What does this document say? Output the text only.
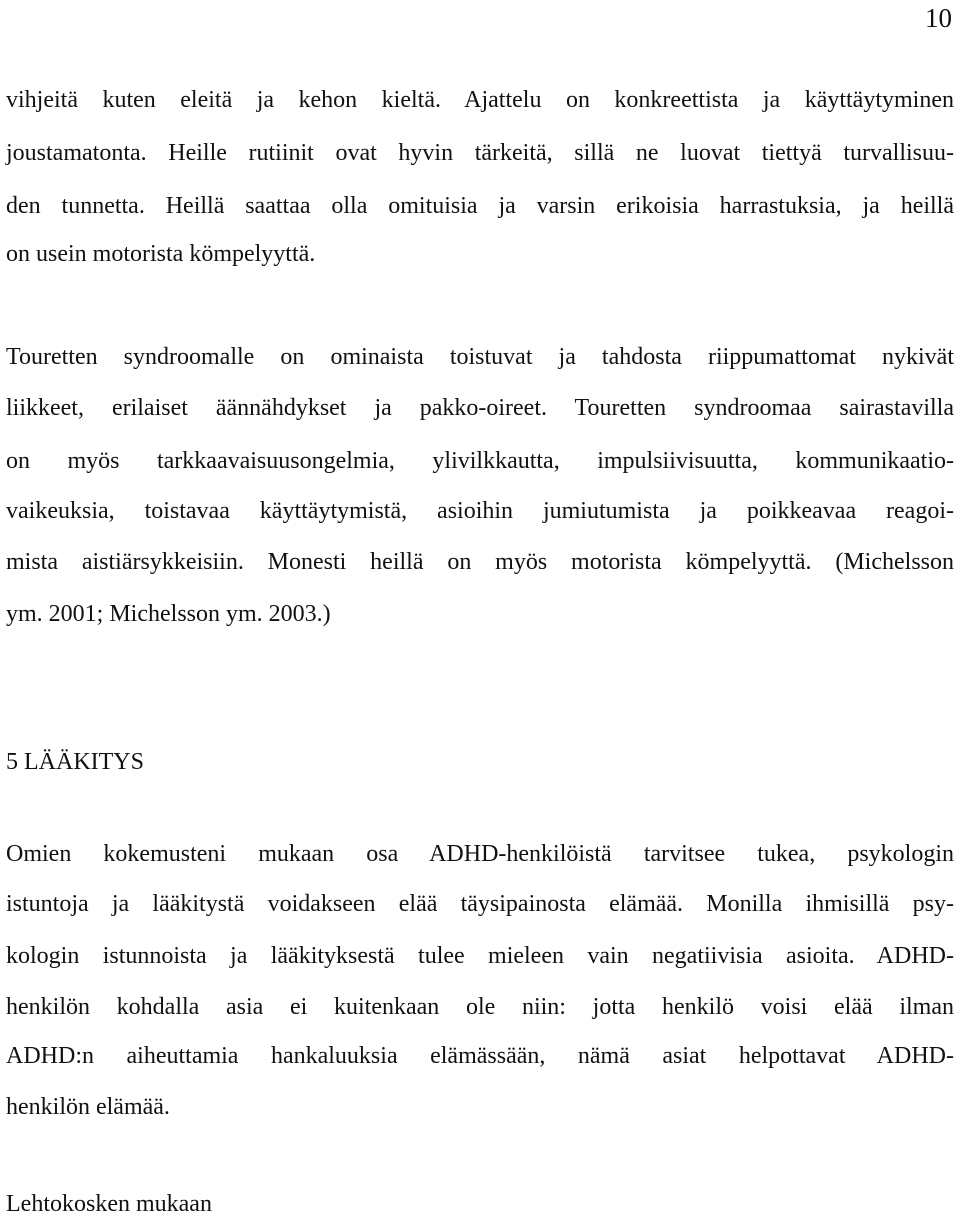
10

vihjeitä kuten eleitä ja kehon kieltä. Ajattelu on konkreettista ja käyttäytyminen

joustamatonta. Heille rutiinit ovat hyvin tärkeitä, sillä ne luovat tiettyä turvallisuu-

den tunnetta. Heillä saattaa olla omituisia ja varsin erikoisia harrastuksia, ja heillä

on usein motorista kömpelyyttä.

Touretten syndroomalle on ominaista toistuvat ja tahdosta riippumattomat nykivät

liikkeet, erilaiset äännähdykset ja pakko-oireet. Touretten syndroomaa sairastavilla

on myös tarkkaavaisuusongelmia, ylivilkkautta, impulsiivisuutta, kommunikaatio-

vaikeuksia, toistavaa käyttäytymistä, asioihin jumiutumista ja poikkeavaa reagoi-

mista aistiärsykkeisiin. Monesti heillä on myös motorista kömpelyyttä. (Michelsson

ym. 2001; Michelsson ym. 2003.)

5 LÄÄKITYS

Omien kokemusteni mukaan osa ADHD-henkilöistä tarvitsee tukea, psykologin

istuntoja ja lääkitystä voidakseen elää täysipainosta elämää. Monilla ihmisillä psy-

kologin istunnoista ja lääkityksestä tulee mieleen vain negatiivisia asioita. ADHD-

henkilön kohdalla asia ei kuitenkaan ole niin: jotta henkilö voisi elää ilman

ADHD:n aiheuttamia hankaluuksia elämässään, nämä asiat helpottavat ADHD-

henkilön elämää.

Lehtokosken mukaan
